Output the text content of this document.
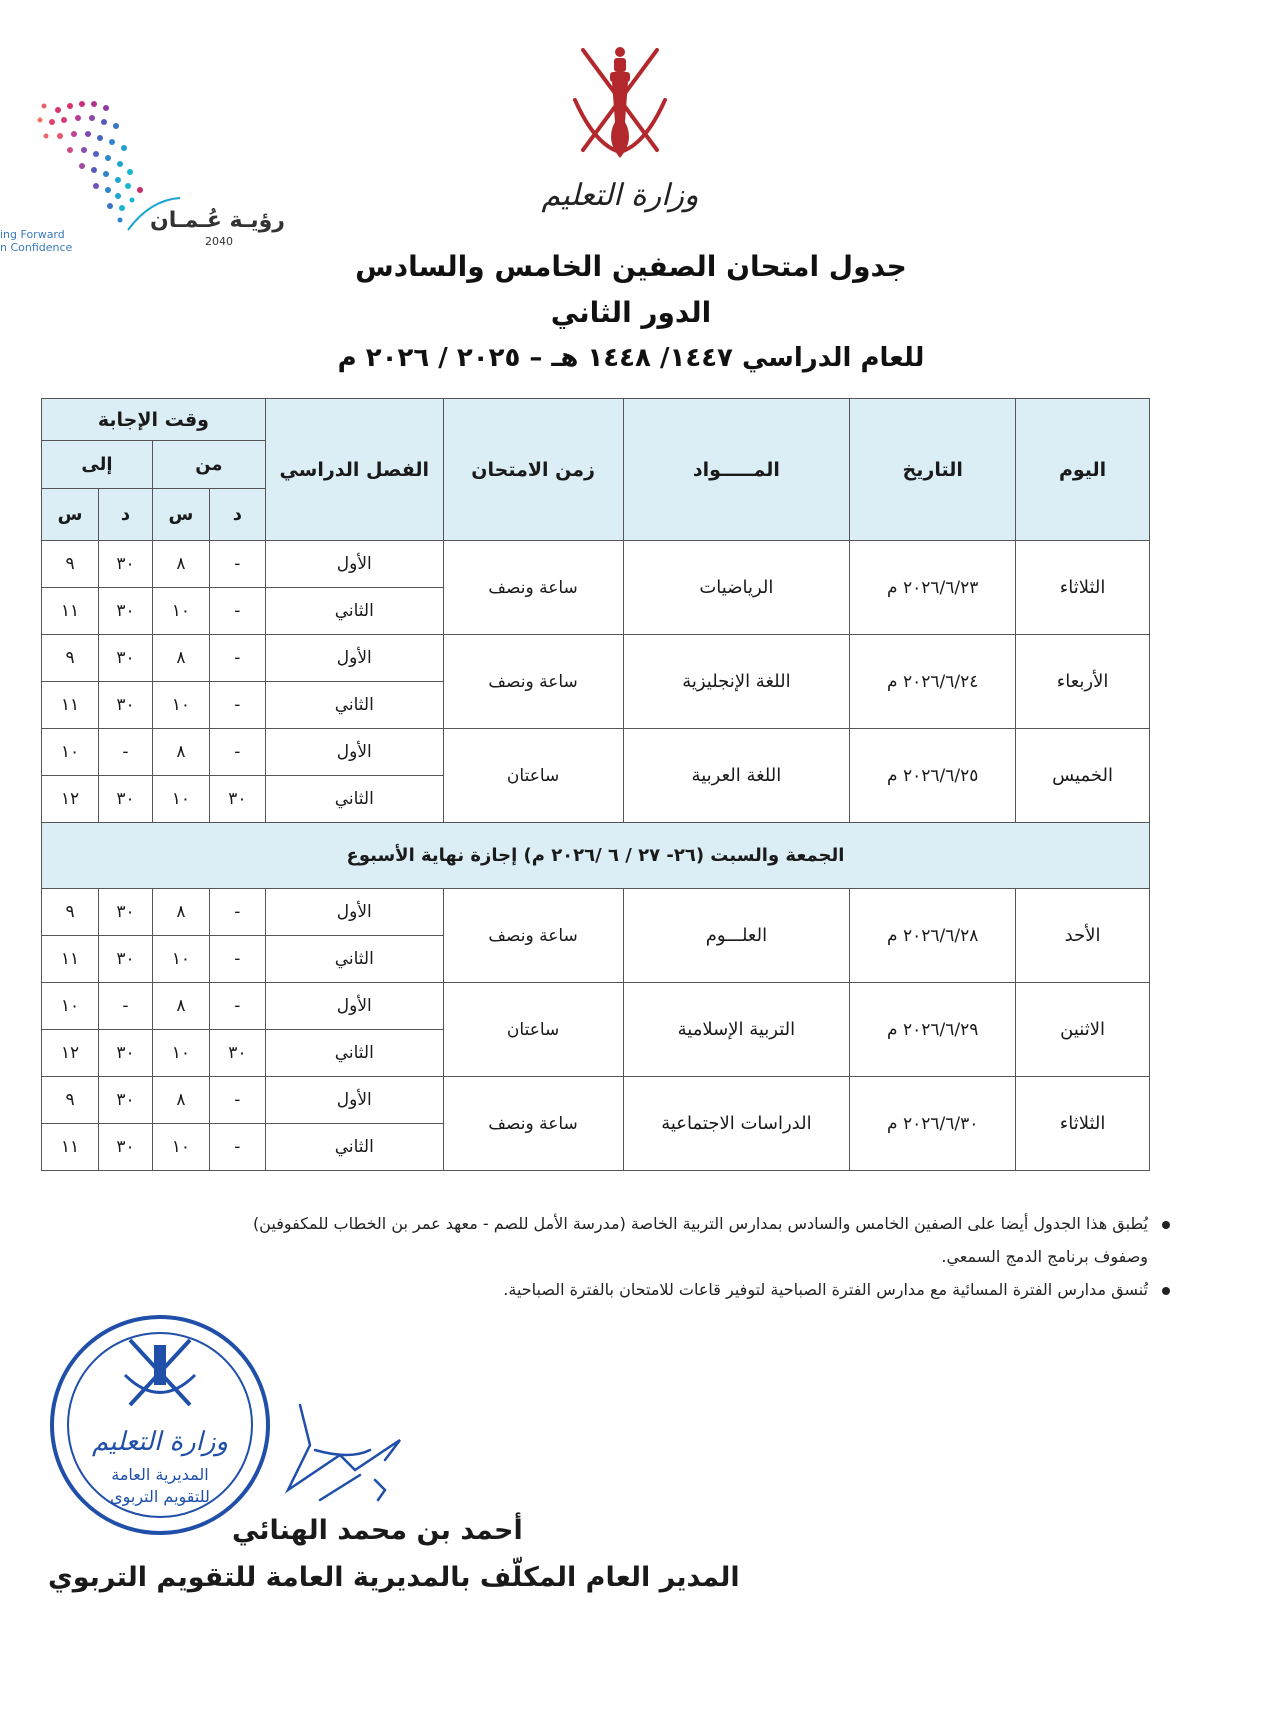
رؤيـة عُـمـان
2040
ing Forward
n Confidence
وزارة التعليم
جدول امتحان الصفين الخامس والسادس
الدور الثاني
للعام الدراسي ١٤٤٧/ ١٤٤٨ هـ – ٢٠٢٥ / ٢٠٢٦ م
اليوم	التاريخ	المـــــواد	زمن الامتحان	الفصل الدراسي	وقت الإجابة			
					من		إلى	
					د	س	د	س
الثلاثاء	٢٠٢٦/٦/٢٣ م	الرياضيات	ساعة ونصف	الأول	-	٨	٣٠	٩
				الثاني	-	١٠	٣٠	١١
الأربعاء	٢٠٢٦/٦/٢٤ م	اللغة الإنجليزية	ساعة ونصف	الأول	-	٨	٣٠	٩
				الثاني	-	١٠	٣٠	١١
الخميس	٢٠٢٦/٦/٢٥ م	اللغة العربية	ساعتان	الأول	-	٨	-	١٠
				الثاني	٣٠	١٠	٣٠	١٢
الجمعة والسبت (٢٦- ٢٧ / ٦ /٢٠٢٦ م) إجازة نهاية الأسبوع								
الأحد	٢٠٢٦/٦/٢٨ م	العلـــوم	ساعة ونصف	الأول	-	٨	٣٠	٩
				الثاني	-	١٠	٣٠	١١
الاثنين	٢٠٢٦/٦/٢٩ م	التربية الإسلامية	ساعتان	الأول	-	٨	-	١٠
				الثاني	٣٠	١٠	٣٠	١٢
الثلاثاء	٢٠٢٦/٦/٣٠ م	الدراسات الاجتماعية	ساعة ونصف	الأول	-	٨	٣٠	٩
				الثاني	-	١٠	٣٠	١١
يُطبق هذا الجدول أيضا على الصفين الخامس والسادس بمدارس التربية الخاصة (مدرسة الأمل للصم - معهد عمر بن الخطاب للمكفوفين)
وصفوف برنامج الدمج السمعي.
تُنسق مدارس الفترة المسائية مع مدارس الفترة الصباحية لتوفير قاعات للامتحان بالفترة الصباحية.
وزارة التعليم
المديرية العامة
للتقويم التربوي
أحمد بن محمد الهنائي
المدير العام المكلّف بالمديرية العامة للتقويم التربوي
